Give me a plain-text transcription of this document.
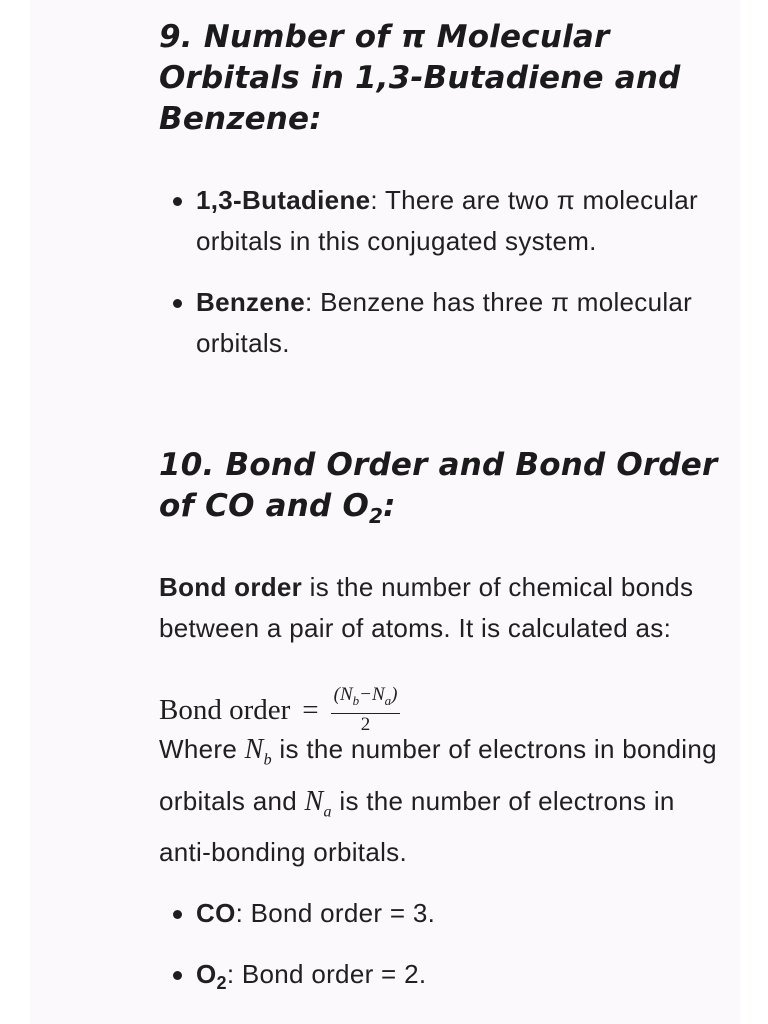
9. Number of π Molecular Orbitals in 1,3-Butadiene and Benzene:
1,3-Butadiene: There are two π molecular orbitals in this conjugated system.
Benzene: Benzene has three π molecular orbitals.
10. Bond Order and Bond Order of CO and $O_2$:

Bond order is the number of chemical bonds between a pair of atoms. It is calculated as:

Bond order = $\frac{(N_b-N_a)}{2}$

Where $N_b$ is the number of electrons in bonding orbitals and $N_a$ is the number of electrons in anti-bonding orbitals.

CO: Bond order = 3.
$O_2$: Bond order = 2.
